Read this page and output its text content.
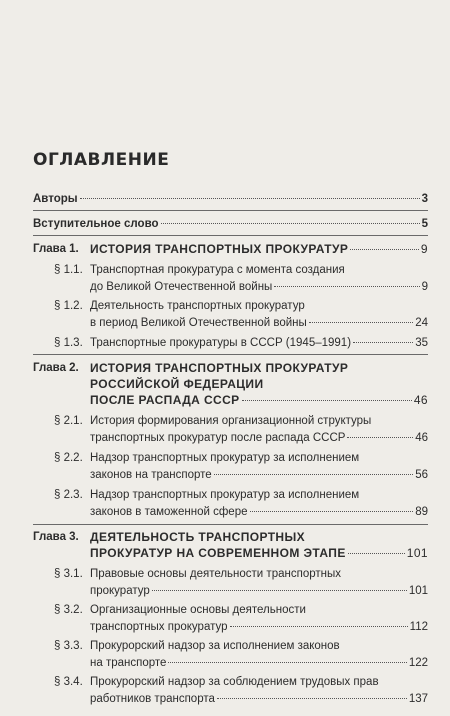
ОГЛАВЛЕНИЕ
Авторы	3
Вступительное слово	5
Глава 1. ИСТОРИЯ ТРАНСПОРТНЫХ ПРОКУРАТУР	9
§ 1.1. Транспортная прокуратура с момента создания
до Великой Отечественной войны	9
§ 1.2. Деятельность транспортных прокуратур
в период Великой Отечественной войны	24
§ 1.3. Транспортные прокуратуры в СССР (1945–1991)	35
Глава 2. ИСТОРИЯ ТРАНСПОРТНЫХ ПРОКУРАТУР
РОССИЙСКОЙ ФЕДЕРАЦИИ
ПОСЛЕ РАСПАДА СССР	46
§ 2.1. История формирования организационной структуры
транспортных прокуратур после распада СССР	46
§ 2.2. Надзор транспортных прокуратур за исполнением
законов на транспорте	56
§ 2.3. Надзор транспортных прокуратур за исполнением
законов в таможенной сфере	89
Глава 3. ДЕЯТЕЛЬНОСТЬ ТРАНСПОРТНЫХ
ПРОКУРАТУР НА СОВРЕМЕННОМ ЭТАПЕ	101
§ 3.1. Правовые основы деятельности транспортных
прокуратур	101
§ 3.2. Организационные основы деятельности
транспортных прокуратур	112
§ 3.3. Прокурорский надзор за исполнением законов
на транспорте	122
§ 3.4. Прокурорский надзор за соблюдением трудовых прав
работников транспорта	137
